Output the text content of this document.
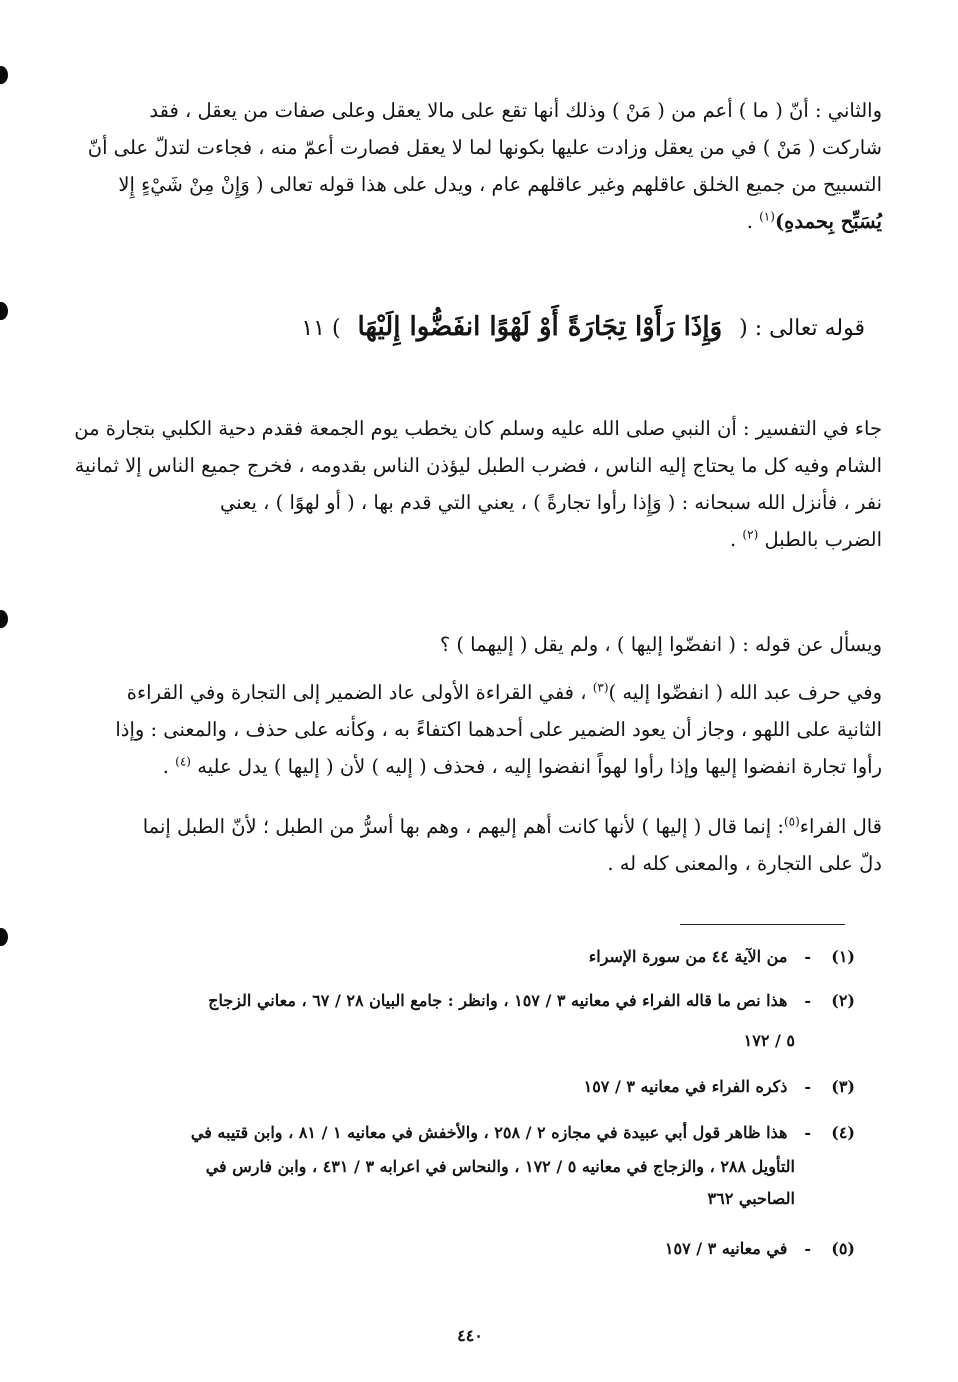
والثاني : أنّ ( ما ) أعم من ( مَنْ ) وذلك أنها تقع على مالا يعقل وعلى صفات من يعقل ، فقد
شاركت ( مَنْ ) في من يعقل وزادت عليها بكونها لما لا يعقل فصارت أعمّ منه ، فجاءت لتدلّ على أنّ
التسبيح من جميع الخلق عاقلهم وغير عاقلهم عام ، ويدل على هذا قوله تعالى ( وَإِنْ مِنْ شَيْءٍ إِلا
يُسَبِّح بِحمدهِ)$^{(١)}$ .
قوله تعالى : ( وَإِذَا رَأَوْا تِجَارَةً أَوْ لَهْوًا انفَضُّوا إِلَيْهَا ) ١١
جاء في التفسير : أن النبي صلى الله عليه وسلم كان يخطب يوم الجمعة فقدم دحية الكلبي بتجارة من
الشام وفيه كل ما يحتاج إليه الناس ، فضرب الطبل ليؤذن الناس بقدومه ، فخرج جميع الناس إلا ثمانية
نفر ، فأنزل الله سبحانه : ( وَإِذا رأوا تجارةً ) ، يعني التي قدم بها ، ( أو لهوًا ) ، يعني
الضرب بالطبل $^{(٢)}$ .
ويسأل عن قوله : ( انفضّوا إليها ) ، ولم يقل ( إليهما ) ؟
وفي حرف عبد الله ( انفضّوا إليه )$^{(٣)}$ ، ففي القراءة الأولى عاد الضمير إلى التجارة وفي القراءة
الثانية على اللهو ، وجاز أن يعود الضمير على أحدهما اكتفاءً به ، وكأنه على حذف ، والمعنى : وإذا
رأوا تجارة انفضوا إليها وإذا رأوا لهواً انفضوا إليه ، فحذف ( إليه ) لأن ( إليها ) يدل عليه $^{(٤)}$ .
قال الفراء$^{(٥)}$: إنما قال ( إليها ) لأنها كانت أهم إليهم ، وهم بها أسرُّ من الطبل ؛ لأنّ الطبل إنما
دلّ على التجارة ، والمعنى كله له .
(١)- من الآية ٤٤ من سورة الإسراء
(٢)- هذا نص ما قاله الفراء في معانيه ٣ / ١٥٧ ، وانظر : جامع البيان ٢٨ / ٦٧ ، معاني الزجاج
٥ / ١٧٢
(٣)- ذكره الفراء في معانيه ٣ / ١٥٧
(٤)- هذا ظاهر قول أبي عبيدة في مجازه ٢ / ٢٥٨ ، والأخفش في معانيه ١ / ٨١ ، وابن قتيبه في
التأويل ٢٨٨ ، والزجاج في معانيه ٥ / ١٧٢ ، والنحاس في اعرابه ٣ / ٤٣١ ، وابن فارس في
الصاحبي ٣٦٢
(٥)- في معانيه ٣ / ١٥٧
٤٤٠
